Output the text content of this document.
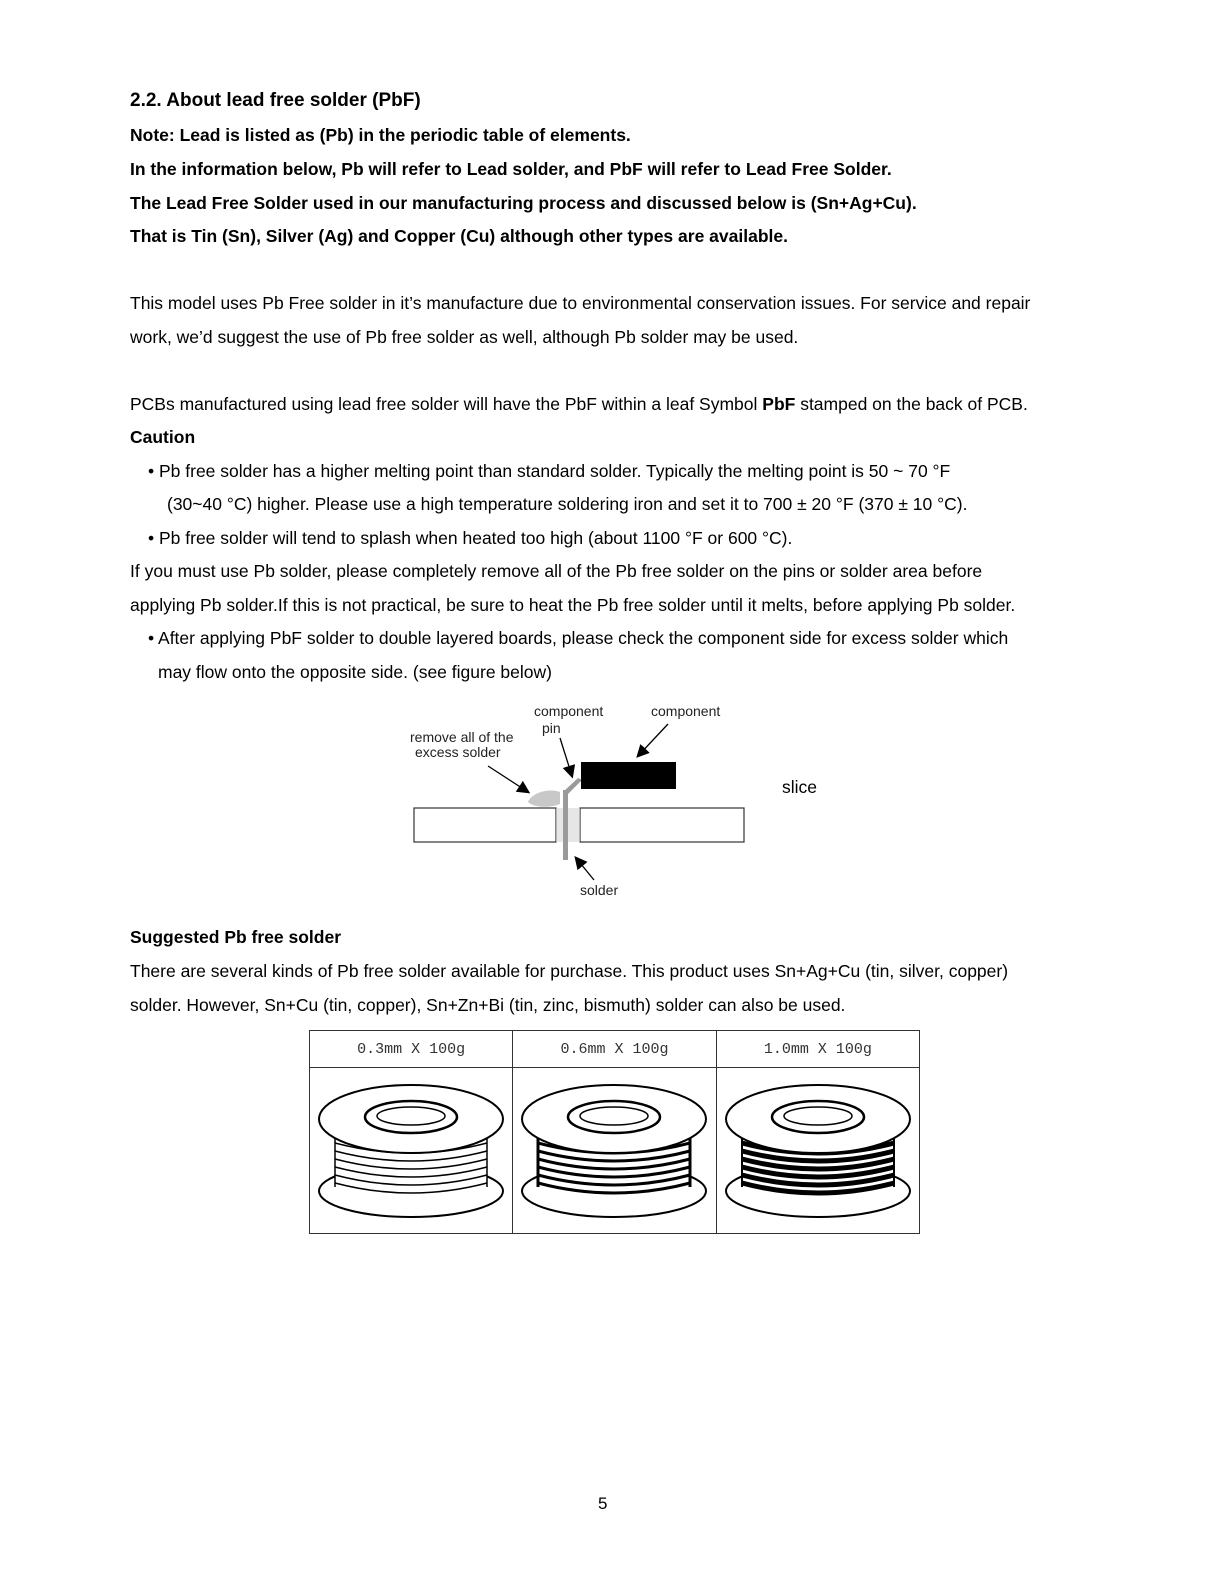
2.2. About lead free solder (PbF)
Note: Lead is listed as (Pb) in the periodic table of elements.
In the information below, Pb will refer to Lead solder, and PbF will refer to Lead Free Solder.
The Lead Free Solder used in our manufacturing process and discussed below is (Sn+Ag+Cu).
That is Tin (Sn), Silver (Ag) and Copper (Cu) although other types are available.
This model uses Pb Free solder in it’s manufacture due to environmental conservation issues. For service and repair
work, we’d suggest the use of Pb free solder as well, although Pb solder may be used.
PCBs manufactured using lead free solder will have the PbF within a leaf Symbol PbF stamped on the back of PCB.
Caution
• Pb free solder has a higher melting point than standard solder. Typically the melting point is 50 ~ 70 °F
(30~40 °C) higher. Please use a high temperature soldering iron and set it to 700 ± 20 °F (370 ± 10 °C).
• Pb free solder will tend to splash when heated too high (about 1100 °F or 600 °C).
If you must use Pb solder, please completely remove all of the Pb free solder on the pins or solder area before
applying Pb solder.If this is not practical, be sure to heat the Pb free solder until it melts, before applying Pb solder.
• After applying PbF solder to double layered boards, please check the component side for excess solder which
may flow onto the opposite side. (see figure below)
component
pin
component
remove all of the
excess solder
slice
solder
Suggested Pb free solder
There are several kinds of Pb free solder available for purchase. This product uses Sn+Ag+Cu (tin, silver, copper)
solder. However, Sn+Cu (tin, copper), Sn+Zn+Bi (tin, zinc, bismuth) solder can also be used.
0.3mm X 100g	0.6mm X 100g	1.0mm X 100g

5
